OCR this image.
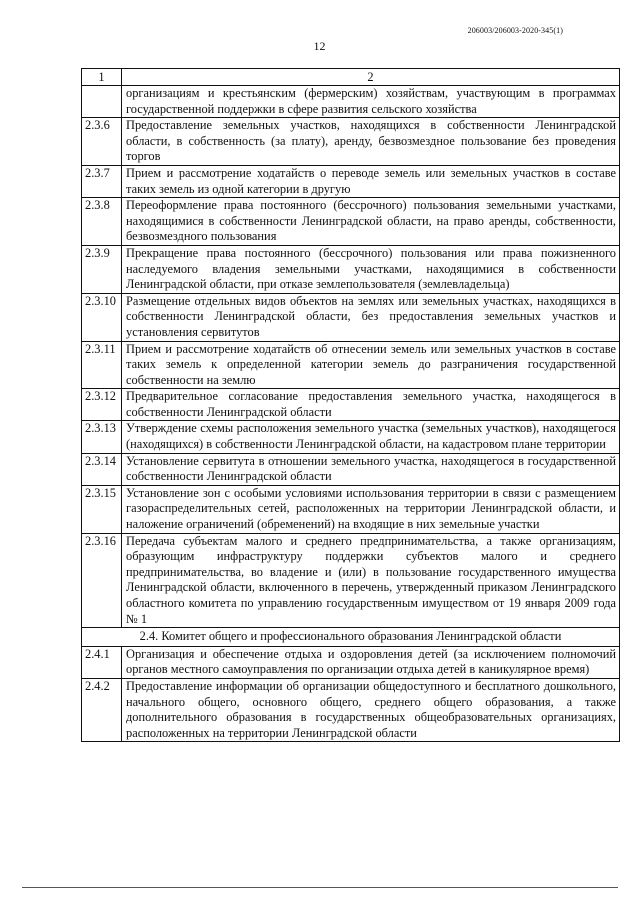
206003/206003-2020-345(1)
12
1	2
	организациям и крестьянским (фермерским) хозяйствам, участвующим в программах государственной поддержки в сфере развития сельского хозяйства
2.3.6	Предоставление земельных участков, находящихся в собственности Ленинградской области, в собственность (за плату), аренду, безвозмездное пользование без проведения торгов
2.3.7	Прием и рассмотрение ходатайств о переводе земель или земельных участков в составе таких земель из одной категории в другую
2.3.8	Переоформление права постоянного (бессрочного) пользования земельными участками, находящимися в собственности Ленинградской области, на право аренды, собственности, безвозмездного пользования
2.3.9	Прекращение права постоянного (бессрочного) пользования или права пожизненного наследуемого владения земельными участками, находящимися в собственности Ленинградской области, при отказе землепользователя (землевладельца)
2.3.10	Размещение отдельных видов объектов на землях или земельных участках, находящихся в собственности Ленинградской области, без предоставления земельных участков и установления сервитутов
2.3.11	Прием и рассмотрение ходатайств об отнесении земель или земельных участков в составе таких земель к определенной категории земель до разграничения государственной собственности на землю
2.3.12	Предварительное согласование предоставления земельного участка, находящегося в собственности Ленинградской области
2.3.13	Утверждение схемы расположения земельного участка (земельных участков), находящегося (находящихся) в собственности Ленинградской области, на кадастровом плане территории
2.3.14	Установление сервитута в отношении земельного участка, находящегося в государственной собственности Ленинградской области
2.3.15	Установление зон с особыми условиями использования территории в связи с размещением газораспределительных сетей, расположенных на территории Ленинградской области, и наложение ограничений (обременений) на входящие в них земельные участки
2.3.16	Передача субъектам малого и среднего предпринимательства, а также организациям, образующим инфраструктуру поддержки субъектов малого и среднего предпринимательства, во владение и (или) в пользование государственного имущества Ленинградской области, включенного в перечень, утвержденный приказом Ленинградского областного комитета по управлению государственным имуществом от 19 января 2009 года № 1
2.4. Комитет общего и профессионального образования Ленинградской области	
2.4.1	Организация и обеспечение отдыха и оздоровления детей (за исключением полномочий органов местного самоуправления по организации отдыха детей в каникулярное время)
2.4.2	Предоставление информации об организации общедоступного и бесплатного дошкольного, начального общего, основного общего, среднего общего образования, а также дополнительного образования в государственных общеобразовательных организациях, расположенных на территории Ленинградской области
